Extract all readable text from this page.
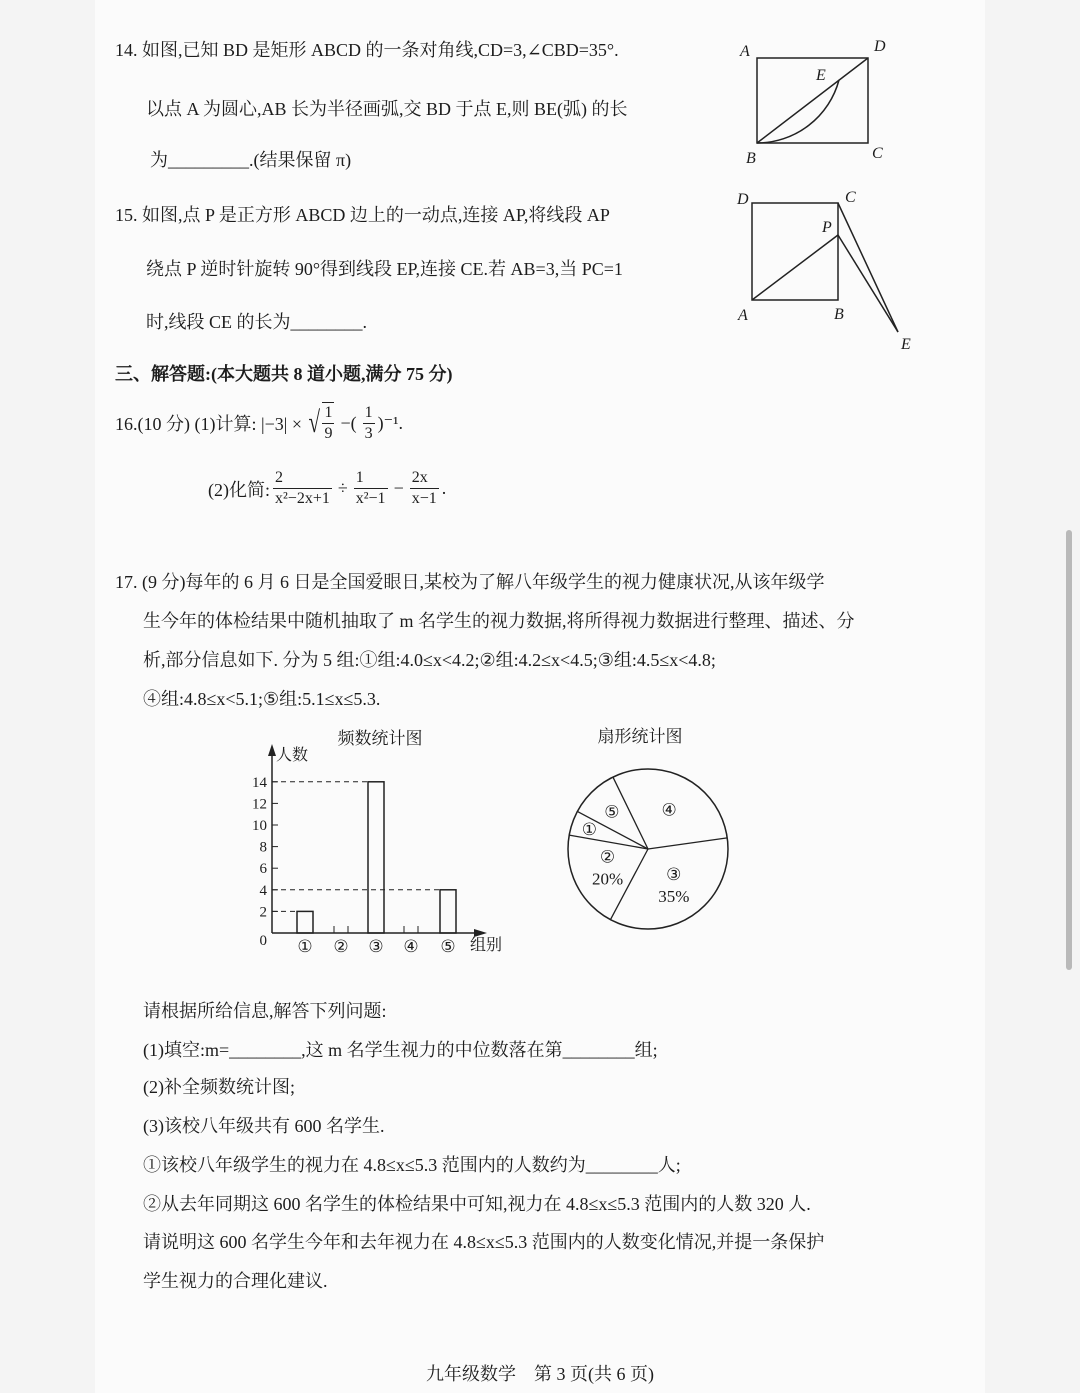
14. 如图,已知 BD 是矩形 ABCD 的一条对角线,CD=3,∠CBD=35°.
以点 A 为圆心,AB 长为半径画弧,交 BD 于点 E,则 BE(弧) 的长
为_________.(结果保留 π)
A	D
E
B	C
D	C
P
A	B
E
15. 如图,点 P 是正方形 ABCD 边上的一动点,连接 AP,将线段 AP
绕点 P 逆时针旋转 90°得到线段 EP,连接 CE.若 AB=3,当 PC=1
时,线段 CE 的长为________.
三、解答题:(本大题共 8 道小题,满分 75 分)
16.(10 分) (1)计算: |−3| × √ $\frac{1}{9}$ −( $\frac{1}{3} )^{-1}$.
(2)化简: $\frac{2}{\text{x²−2x+1}} \div \frac{1}{\text{x²−1}} - \frac{2x}{x-1}$ .
17. (9 分)每年的 6 月 6 日是全国爱眼日,某校为了解八年级学生的视力健康状况,从该年级学
生今年的体检结果中随机抽取了 m 名学生的视力数据,将所得视力数据进行整理、描述、分
析,部分信息如下. 分为 5 组:①组:4.0≤x<4.2;②组:4.2≤x<4.5;③组:4.5≤x<4.8;
④组:4.8≤x<5.1;⑤组:5.1≤x≤5.3.
频数统计图	扇形统计图
人数
组别
0
2
4
6
8
10
12
14
① ② ③ ④ ⑤
③
35%
②
20%
①
⑤ ④
请根据所给信息,解答下列问题:
(1)填空:m=________,这 m 名学生视力的中位数落在第________组;
(2)补全频数统计图;
(3)该校八年级共有 600 名学生.
①该校八年级学生的视力在 4.8≤x≤5.3 范围内的人数约为________人;
②从去年同期这 600 名学生的体检结果中可知,视力在 4.8≤x≤5.3 范围内的人数 320 人.
请说明这 600 名学生今年和去年视力在 4.8≤x≤5.3 范围内的人数变化情况,并提一条保护
学生视力的合理化建议.
九年级数学　第 3 页(共 6 页)
